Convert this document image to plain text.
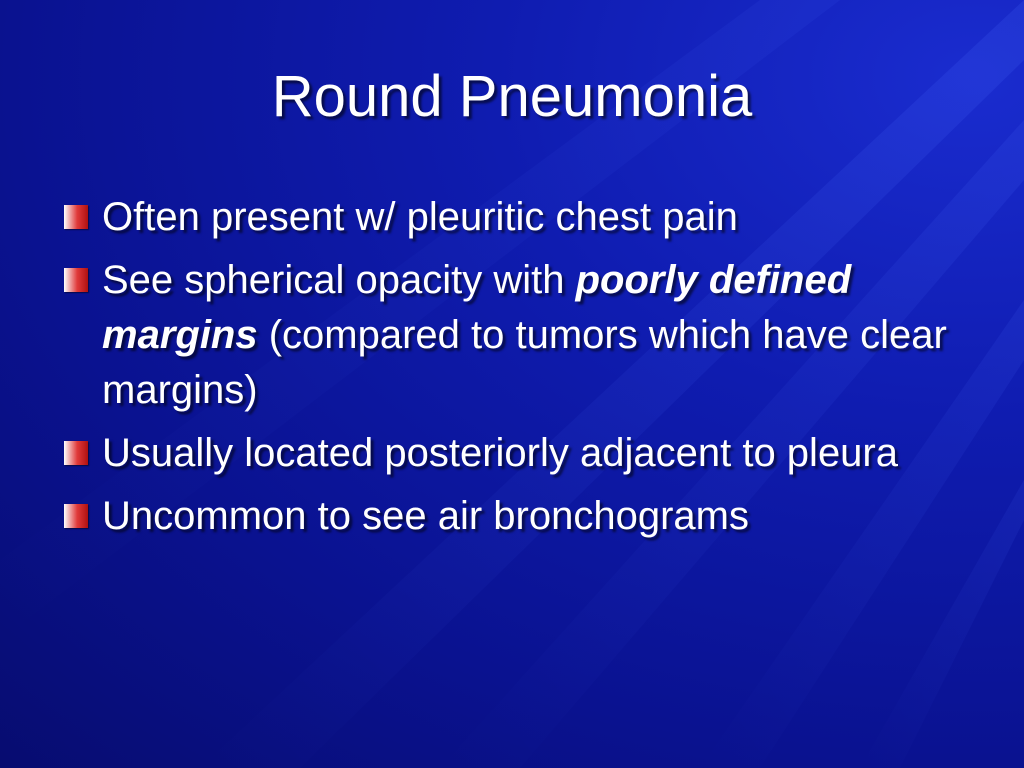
Round Pneumonia
Often present w/ pleuritic chest pain
See spherical opacity with poorly defined margins (compared to tumors which have clear margins)
Usually located posteriorly adjacent to pleura
Uncommon to see air bronchograms
